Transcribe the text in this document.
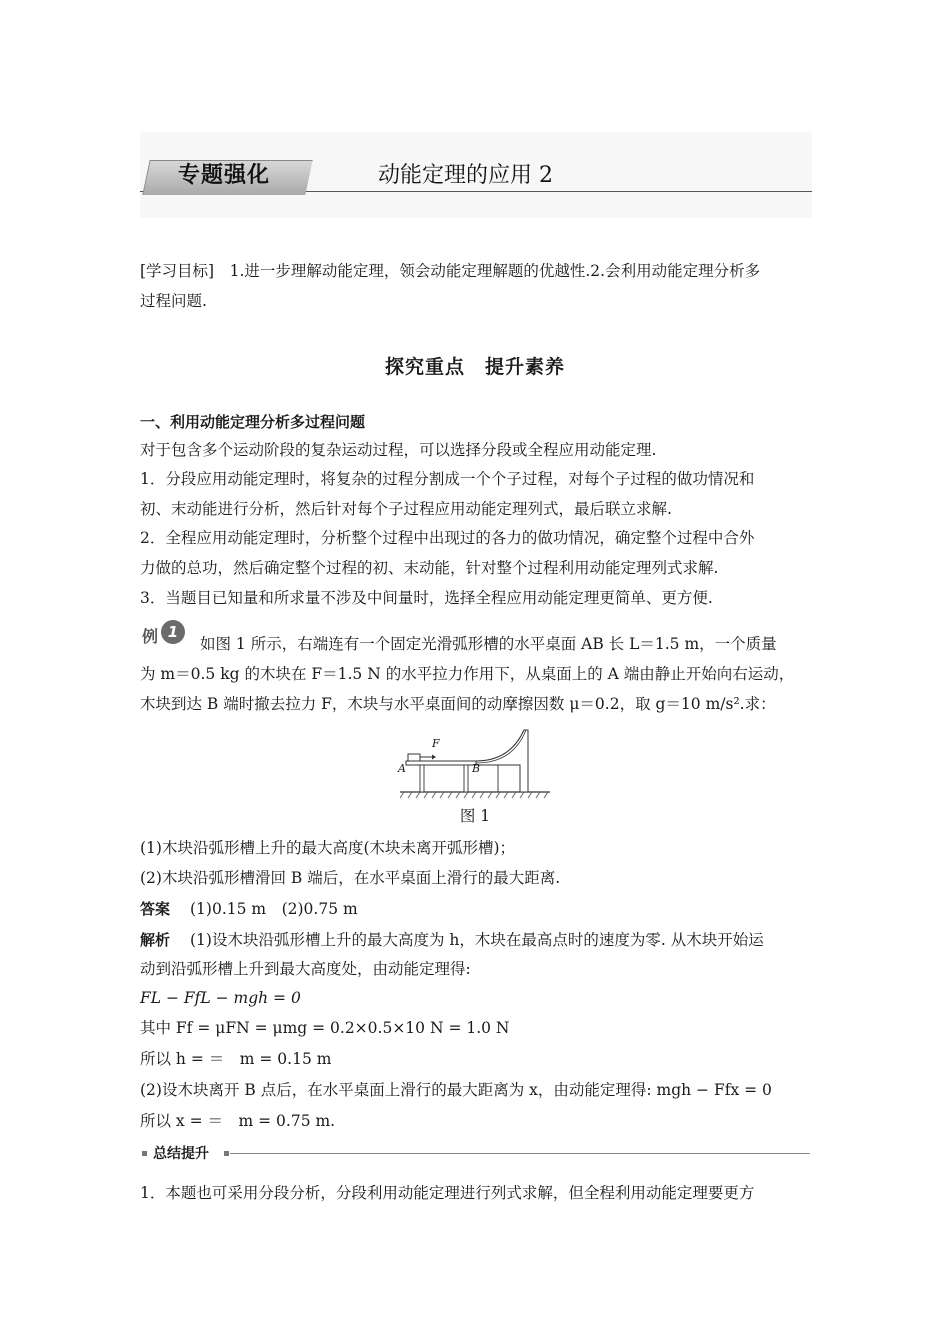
专题强化	动能定理的应用 2
[学习目标]　1.进一步理解动能定理，领会动能定理解题的优越性.2.会利用动能定理分析多
过程问题.
探究重点　提升素养
一、利用动能定理分析多过程问题
对于包含多个运动阶段的复杂运动过程，可以选择分段或全程应用动能定理.
1．分段应用动能定理时，将复杂的过程分割成一个个子过程，对每个子过程的做功情况和
初、末动能进行分析，然后针对每个子过程应用动能定理列式，最后联立求解.
2．全程应用动能定理时，分析整个过程中出现过的各力的做功情况，确定整个过程中合外
力做的总功，然后确定整个过程的初、末动能，针对整个过程利用动能定理列式求解.
3．当题目已知量和所求量不涉及中间量时，选择全程应用动能定理更简单、更方便.
例 1
如图 1 所示，右端连有一个固定光滑弧形槽的水平桌面 AB 长 L＝1.5 m，一个质量
为 m＝0.5 kg 的木块在 F＝1.5 N 的水平拉力作用下，从桌面上的 A 端由静止开始向右运动，
木块到达 B 端时撤去拉力 F，木块与水平桌面间的动摩擦因数 μ＝0.2，取 g＝10 m/s².求：
F
A	B
图 1
(1)木块沿弧形槽上升的最大高度(木块未离开弧形槽)；
(2)木块沿弧形槽滑回 B 端后，在水平桌面上滑行的最大距离.
答案 (1)0.15 m　(2)0.75 m
解析 (1)设木块沿弧形槽上升的最大高度为 h，木块在最高点时的速度为零. 从木块开始运
动到沿弧形槽上升到最大高度处，由动能定理得:
FL − FfL − mgh = 0
其中 Ff = μFN = μmg = 0.2×0.5×10 N = 1.0 N
所以 h = ＝　m = 0.15 m
(2)设木块离开 B 点后，在水平桌面上滑行的最大距离为 x，由动能定理得: mgh − Ffx = 0
所以 x = ＝　m = 0.75 m.
总结提升
1．本题也可采用分段分析，分段利用动能定理进行列式求解，但全程利用动能定理要更方
